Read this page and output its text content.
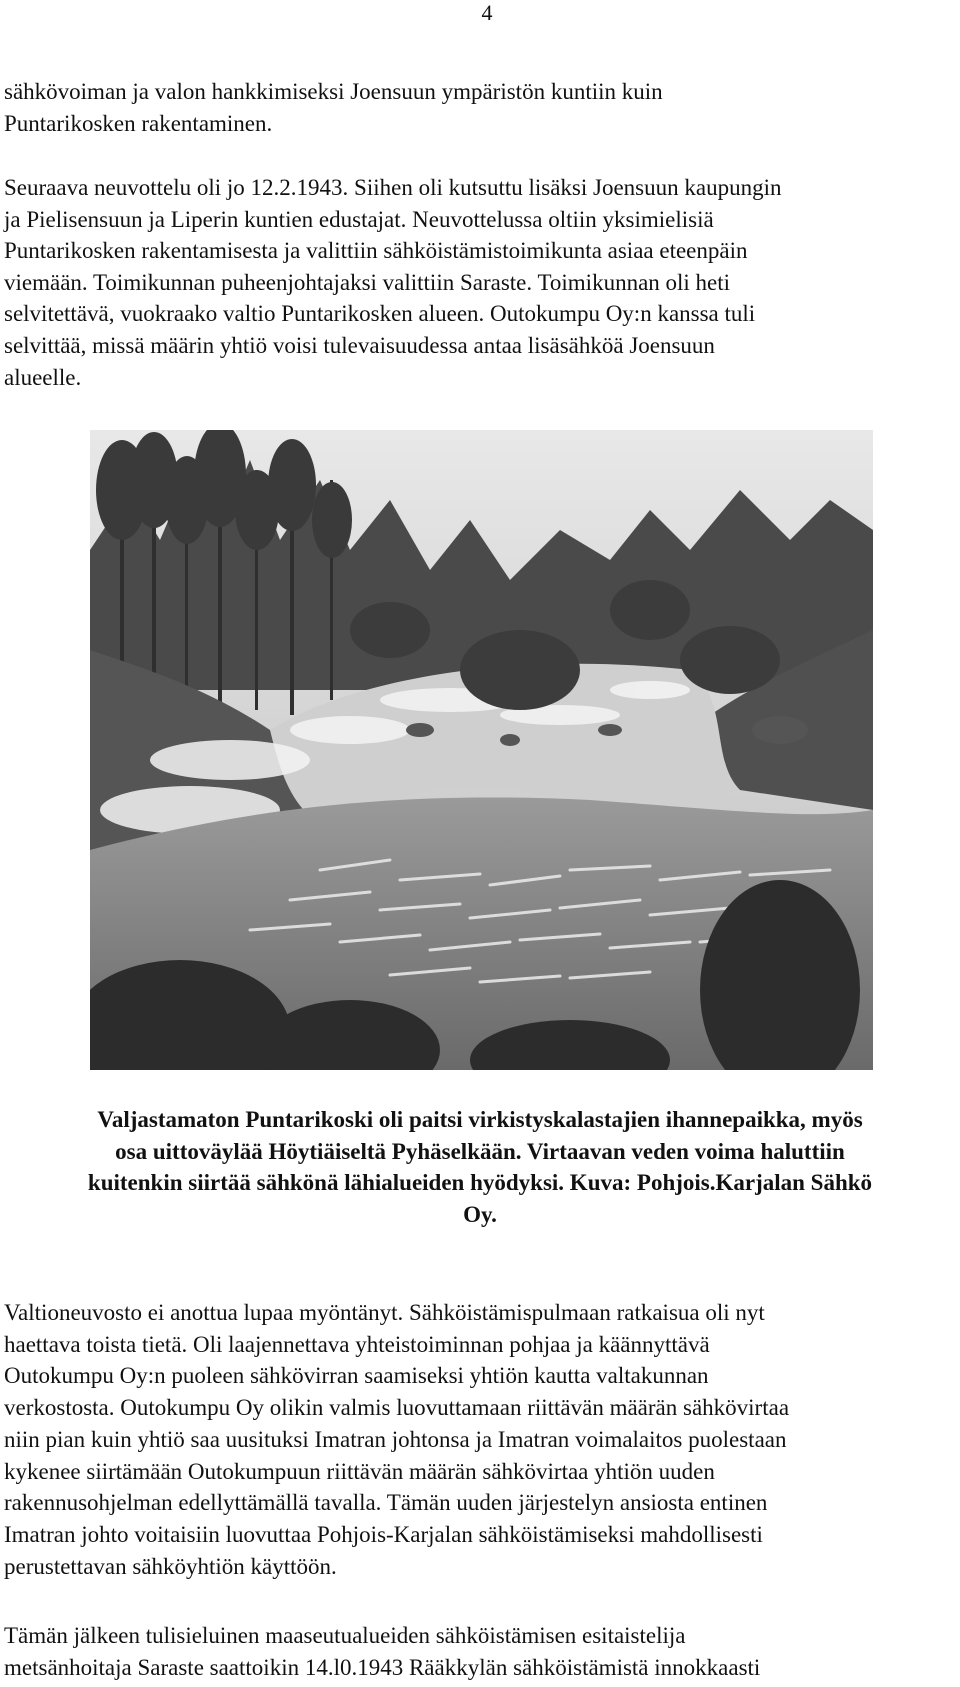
4

sähkövoiman ja valon hankkimiseksi Joensuun ympäristön kuntiin kuin
Puntarikosken rakentaminen.

Seuraava neuvottelu oli jo 12.2.1943. Siihen oli kutsuttu lisäksi Joensuun kaupungin
ja Pielisensuun ja Liperin kuntien edustajat. Neuvottelussa oltiin yksimielisiä
Puntarikosken rakentamisesta ja valittiin sähköistämistoimikunta asiaa eteenpäin
viemään. Toimikunnan puheenjohtajaksi valittiin Saraste. Toimikunnan oli heti
selvitettävä, vuokraako valtio Puntarikosken alueen. Outokumpu Oy:n kanssa tuli
selvittää, missä määrin yhtiö voisi tulevaisuudessa antaa lisäsähköä Joensuun
alueelle.

Valjastamaton Puntarikoski oli paitsi virkistyskalastajien ihannepaikka, myös
osa uittoväylää Höytiäiseltä Pyhäselkään. Virtaavan veden voima haluttiin
kuitenkin siirtää sähkönä lähialueiden hyödyksi. Kuva: Pohjois.Karjalan Sähkö
Oy.

Valtioneuvosto ei anottua lupaa myöntänyt. Sähköistämispulmaan ratkaisua oli nyt
haettava toista tietä. Oli laajennettava yhteistoiminnan pohjaa ja käännyttävä
Outokumpu Oy:n puoleen sähkövirran saamiseksi yhtiön kautta valtakunnan
verkostosta. Outokumpu Oy olikin valmis luovuttamaan riittävän määrän sähkövirtaa
niin pian kuin yhtiö saa uusituksi Imatran johtonsa ja Imatran voimalaitos puolestaan
kykenee siirtämään Outokumpuun riittävän määrän sähkövirtaa yhtiön uuden
rakennusohjelman edellyttämällä tavalla. Tämän uuden järjestelyn ansiosta entinen
Imatran johto voitaisiin luovuttaa Pohjois-Karjalan sähköistämiseksi mahdollisesti
perustettavan sähköyhtiön käyttöön.

Tämän jälkeen tulisieluinen maaseutualueiden sähköistämisen esitaistelija
metsänhoitaja Saraste saattoikin 14.l0.1943 Rääkkylän sähköistämistä innokkaasti
